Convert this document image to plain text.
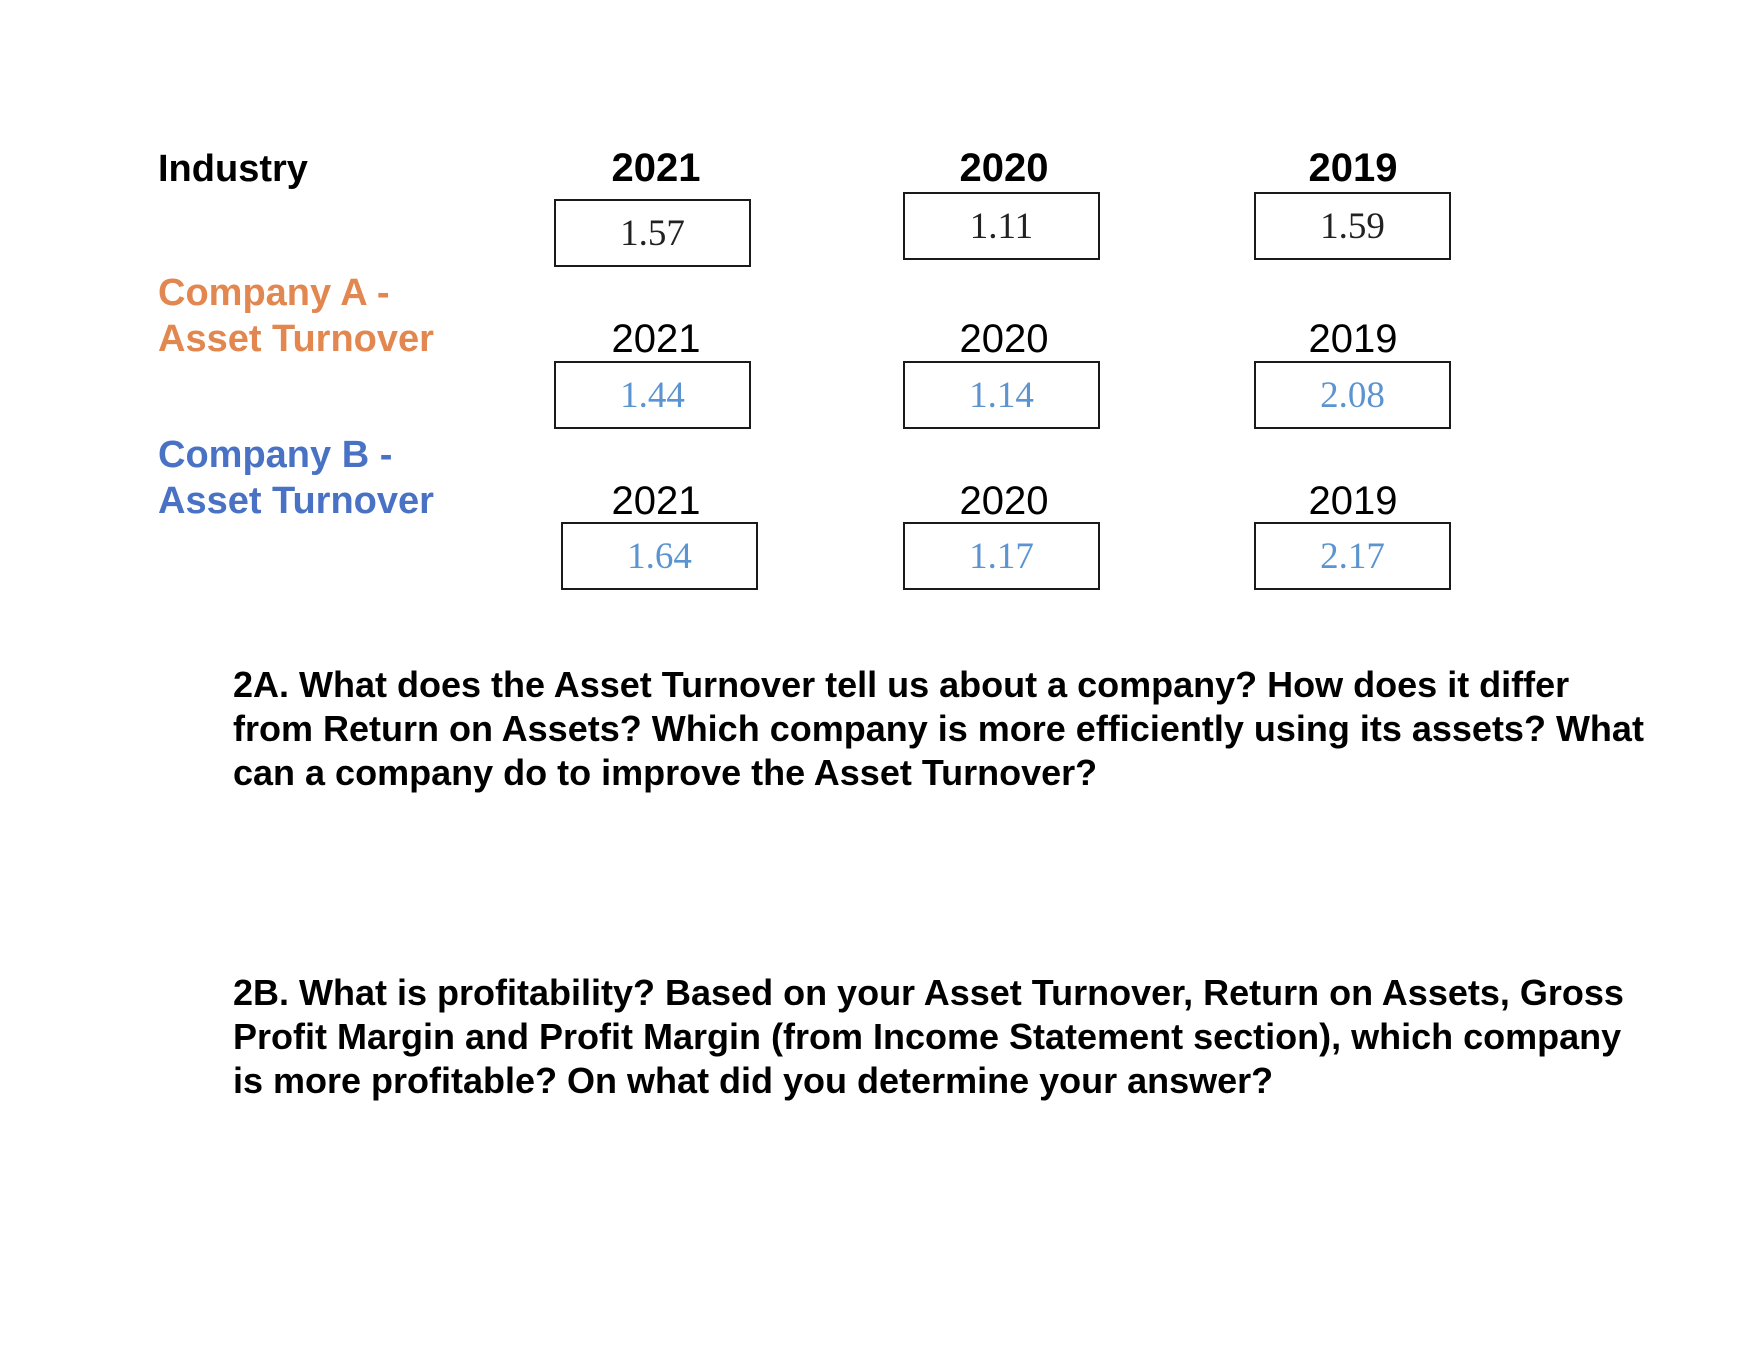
Industry	2021	2020	2019
1.57	1.11	1.59
Company A -
Asset Turnover	2021	2020	2019
1.44	1.14	2.08
Company B -
Asset Turnover	2021	2020	2019
1.64	1.17	2.17

2A. What does the Asset Turnover tell us about a company? How does it differ from Return on Assets? Which company is more efficiently using its assets? What can a company do to improve the Asset Turnover?

2B. What is profitability? Based on your Asset Turnover, Return on Assets, Gross Profit Margin and Profit Margin (from Income Statement section), which company is more profitable? On what did you determine your answer?
